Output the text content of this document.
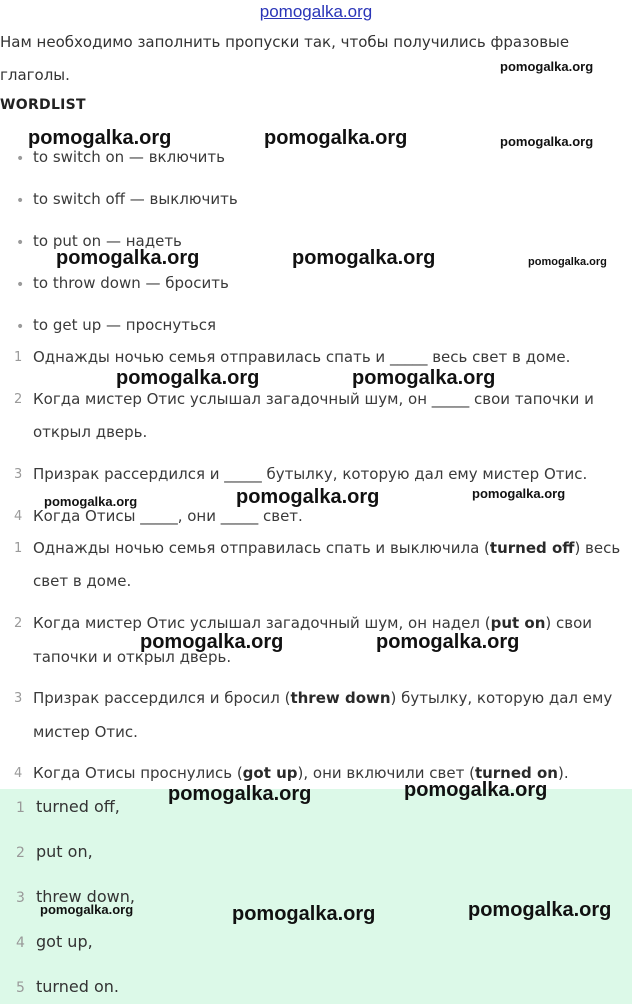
pomogalka.org
Нам необходимо заполнить пропуски так, чтобы получились фразовые
глаголы.
WORDLIST
• to switch on — включить
• to switch off — выключить
• to put on — надеть
• to throw down — бросить
• to get up — проснуться
1 Однажды ночью семья отправилась спать и _____ весь свет в доме.
2 Когда мистер Отис услышал загадочный шум, он _____ свои тапочки и
открыл дверь.
3 Призрак рассердился и _____ бутылку, которую дал ему мистер Отис.
4 Когда Отисы _____, они _____ свет.
1 Однажды ночью семья отправилась спать и выключила (turned off) весь
свет в доме.
2 Когда мистер Отис услышал загадочный шум, он надел (put on) свои
тапочки и открыл дверь.
3 Призрак рассердился и бросил (threw down) бутылку, которую дал ему
мистер Отис.
4 Когда Отисы проснулись (got up), они включили свет (turned on).
1 turned off,
2 put on,
3 threw down,
4 got up,
5 turned on.
pomogalka.org
pomogalka.org	pomogalka.org	pomogalka.org
pomogalka.org	pomogalka.org	pomogalka.org
pomogalka.org	pomogalka.org
pomogalka.org	pomogalka.org	pomogalka.org
pomogalka.org	pomogalka.org
pomogalka.org	pomogalka.org
pomogalka.org	pomogalka.org	pomogalka.org
